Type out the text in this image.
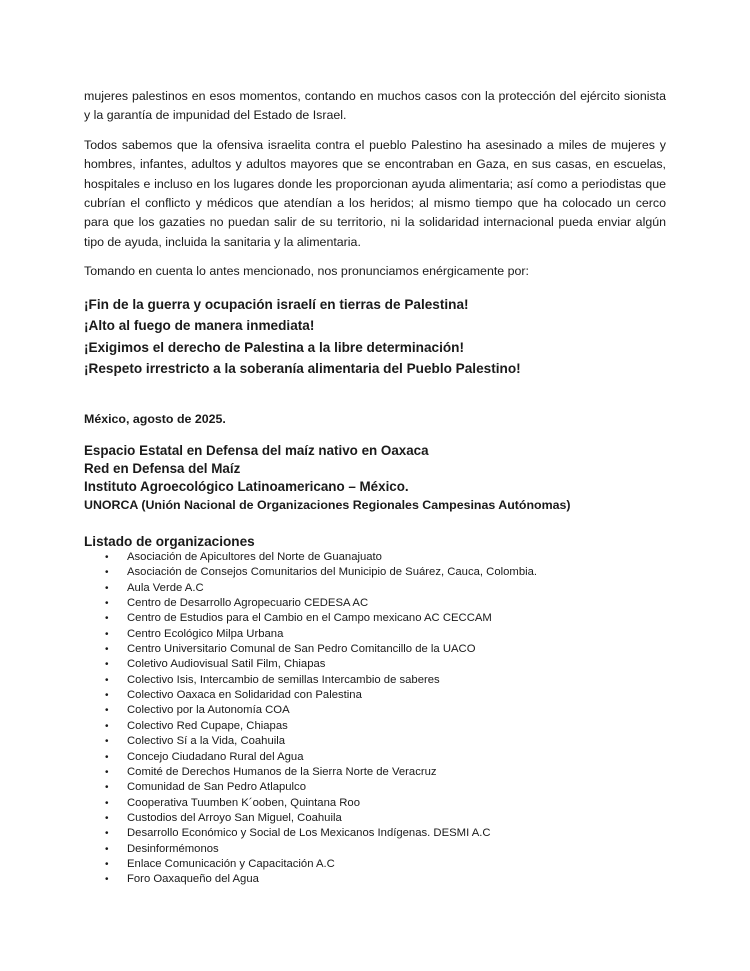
mujeres palestinos en esos momentos, contando en muchos casos con la protección del ejército sionista y la garantía de impunidad del Estado de Israel.

Todos sabemos que la ofensiva israelita contra el pueblo Palestino ha asesinado a miles de mujeres y hombres, infantes, adultos y adultos mayores que se encontraban en Gaza, en sus casas, en escuelas, hospitales e incluso en los lugares donde les proporcionan ayuda alimentaria; así como a periodistas que cubrían el conflicto y médicos que atendían a los heridos; al mismo tiempo que ha colocado un cerco para que los gazaties no puedan salir de su territorio, ni la solidaridad internacional pueda enviar algún tipo de ayuda, incluida la sanitaria y la alimentaria.

Tomando en cuenta lo antes mencionado, nos pronunciamos enérgicamente por:

¡Fin de la guerra y ocupación israelí en tierras de Palestina!
¡Alto al fuego de manera inmediata!
¡Exigimos el derecho de Palestina a la libre determinación!
¡Respeto irrestricto a la soberanía alimentaria del Pueblo Palestino!
México, agosto de 2025.
Espacio Estatal en Defensa del maíz nativo en Oaxaca
Red en Defensa del Maíz
Instituto Agroecológico Latinoamericano – México.
UNORCA (Unión Nacional de Organizaciones Regionales Campesinas Autónomas)
Listado de organizaciones
• Asociación de Apicultores del Norte de Guanajuato
• Asociación de Consejos Comunitarios del Municipio de Suárez, Cauca, Colombia.
• Aula Verde A.C
• Centro de Desarrollo Agropecuario CEDESA AC
• Centro de Estudios para el Cambio en el Campo mexicano AC CECCAM
• Centro Ecológico Milpa Urbana
• Centro Universitario Comunal de San Pedro Comitancillo de la UACO
• Coletivo Audiovisual Satil Film, Chiapas
• Colectivo Isis, Intercambio de semillas Intercambio de saberes
• Colectivo Oaxaca en Solidaridad con Palestina
• Colectivo por la Autonomía COA
• Colectivo Red Cupape, Chiapas
• Colectivo Sí a la Vida, Coahuila
• Concejo Ciudadano Rural del Agua
• Comité de Derechos Humanos de la Sierra Norte de Veracruz
• Comunidad de San Pedro Atlapulco
• Cooperativa Tuumben K´ooben, Quintana Roo
• Custodios del Arroyo San Miguel, Coahuila
• Desarrollo Económico y Social de Los Mexicanos Indígenas. DESMI A.C
• Desinformémonos
• Enlace Comunicación y Capacitación A.C
• Foro Oaxaqueño del Agua
